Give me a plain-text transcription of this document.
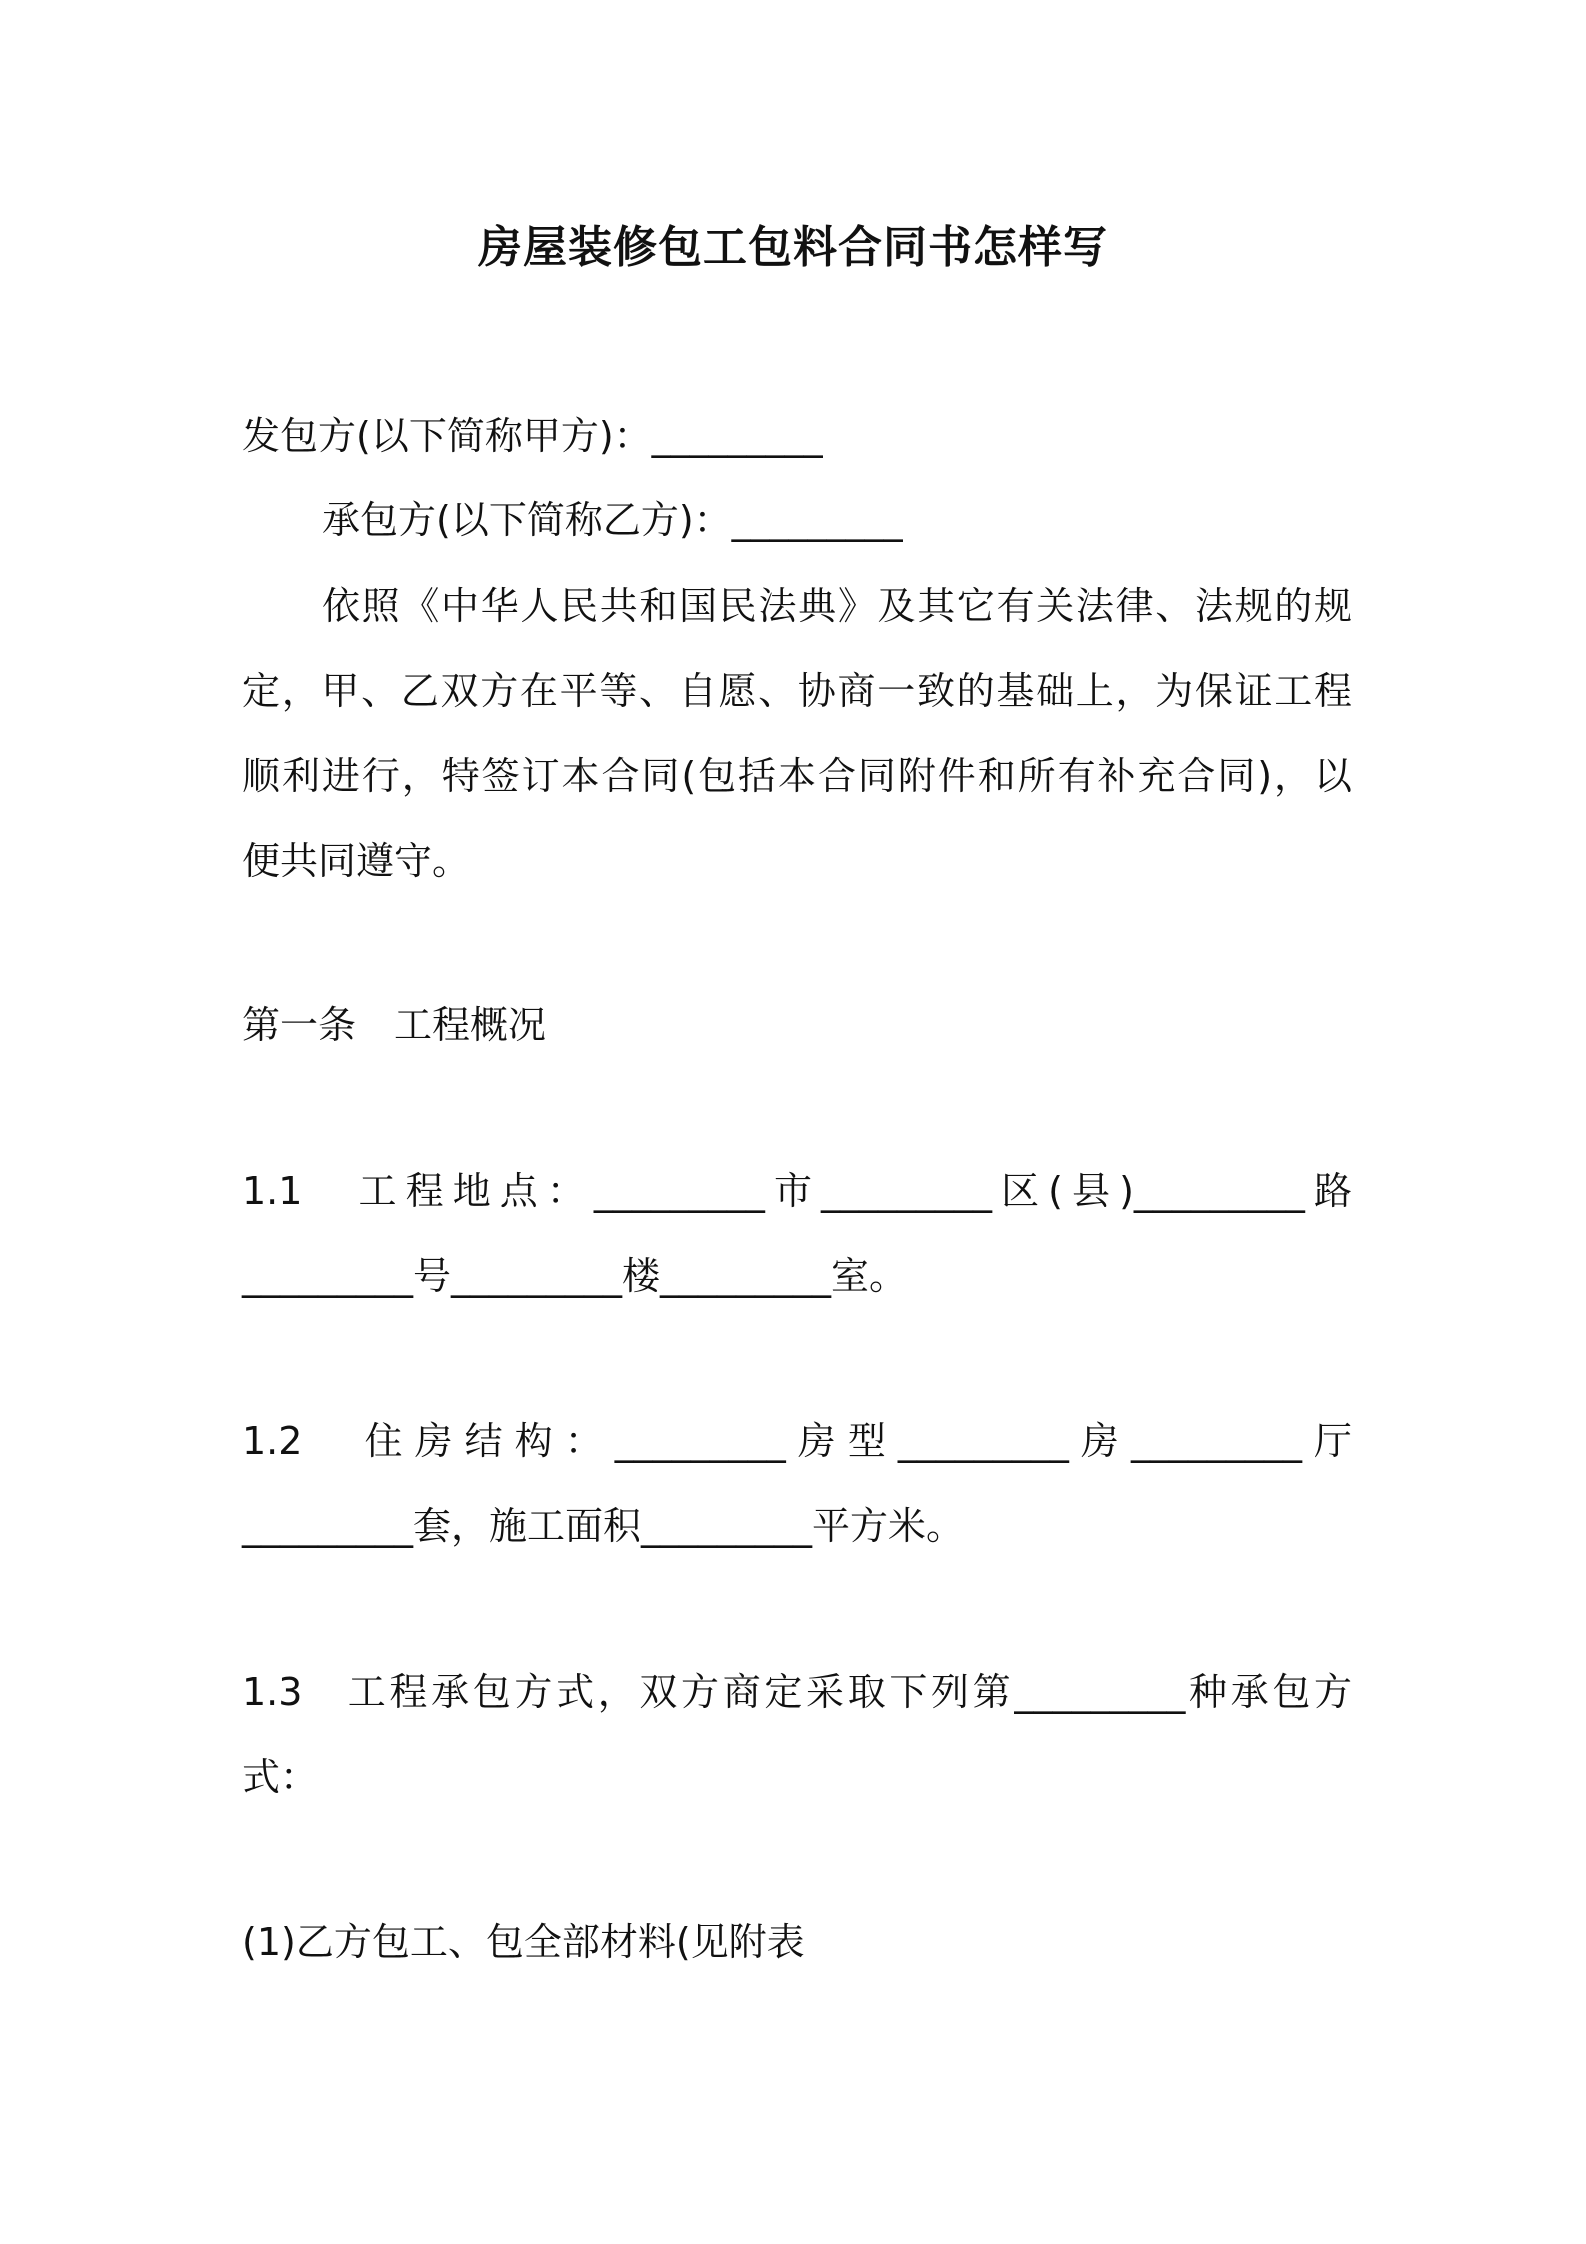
房屋装修包工包料合同书怎样写
发包方(以下简称甲方)：_________
承包方(以下简称乙方)：_________
依照《中华人民共和国民法典》及其它有关法律、法规的规
定，甲、乙双方在平等、自愿、协商一致的基础上，为保证工程
顺利进行，特签订本合同(包括本合同附件和所有补充合同)，以
便共同遵守。
第一条　工程概况
1.1　工程地点：_________市_________区(县)_________路
_________号_________楼_________室。
1.2　住房结构：_________房型_________房_________厅
_________套，施工面积_________平方米。
1.3　工程承包方式，双方商定采取下列第_________种承包方
式：
(1)乙方包工、包全部材料(见附表
